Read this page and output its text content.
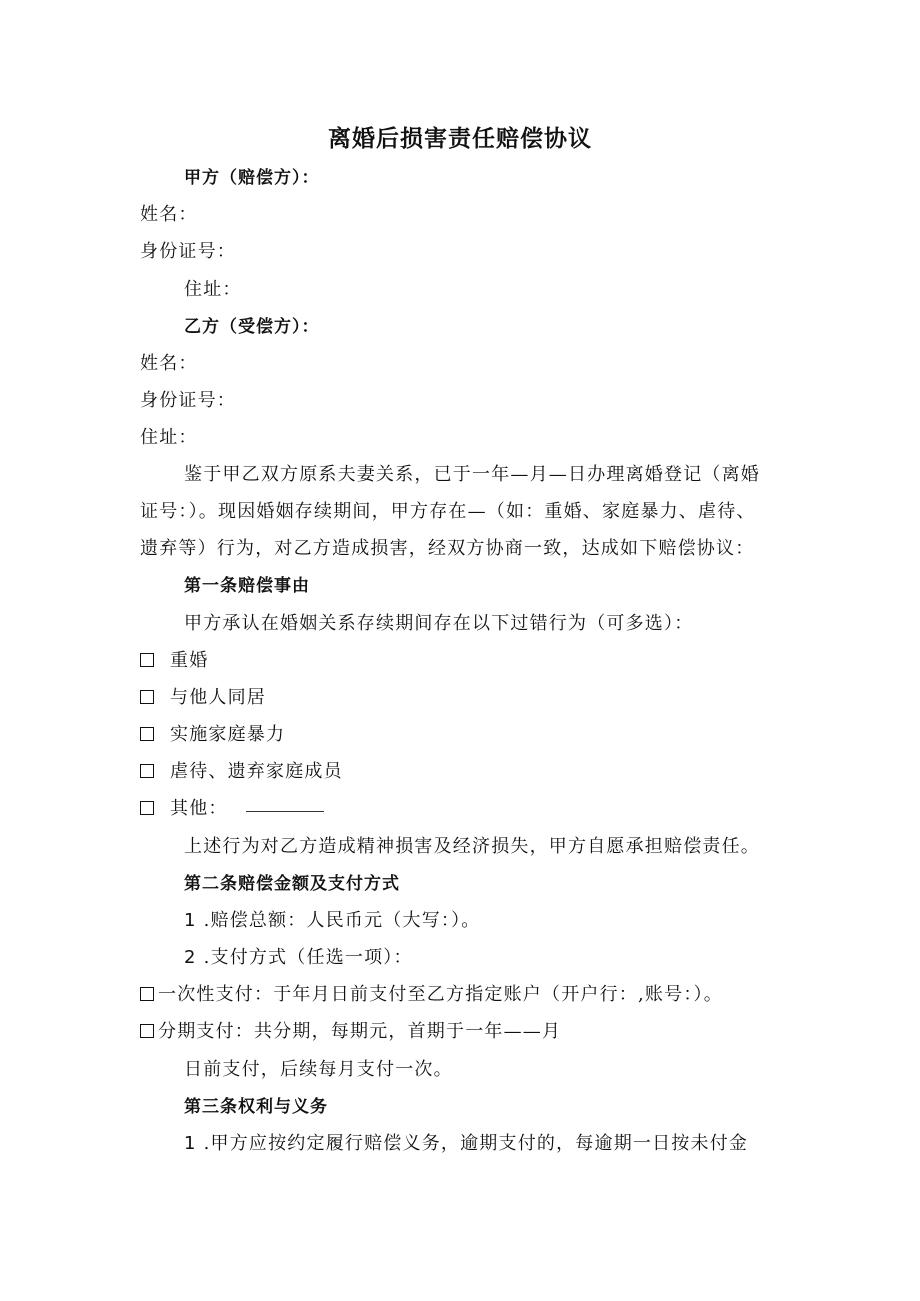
离婚后损害责任赔偿协议
甲方（赔偿方）：
姓名：
身份证号：
住址：
乙方（受偿方）：
姓名：
身份证号：
住址：
鉴于甲乙双方原系夫妻关系，已于一年—月—日办理离婚登记（离婚
证号：）。现因婚姻存续期间，甲方存在—（如：重婚、家庭暴力、虐待、
遗弃等）行为，对乙方造成损害，经双方协商一致，达成如下赔偿协议：
第一条赔偿事由
甲方承认在婚姻关系存续期间存在以下过错行为（可多选）：
重婚
与他人同居
实施家庭暴力
虐待、遗弃家庭成员
其他：
上述行为对乙方造成精神损害及经济损失，甲方自愿承担赔偿责任。
第二条赔偿金额及支付方式
1 .赔偿总额：人民币元（大写：）。
2 .支付方式（任选一项）：
一次性支付：于年月日前支付至乙方指定账户（开户行：,账号：）。
分期支付：共分期，每期元，首期于一年——月
日前支付，后续每月支付一次。
第三条权利与义务
1 .甲方应按约定履行赔偿义务，逾期支付的，每逾期一日按未付金
